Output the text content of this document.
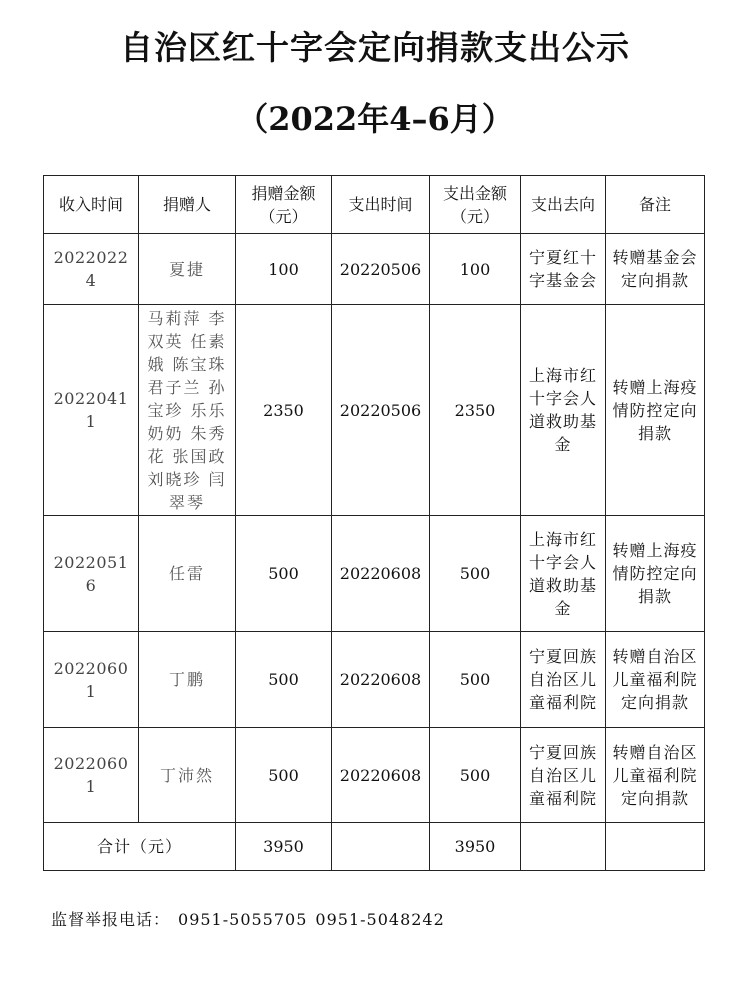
自治区红十字会定向捐款支出公示
（2022年4–6月）
收入时间	捐赠人	捐赠金额（元）	支出时间	支出金额（元）	支出去向	备注
20220224	夏捷	100	20220506	100	宁夏红十字基金会	转赠基金会定向捐款
20220411	马莉萍 李双英 任素娥 陈宝珠 君子兰 孙宝珍 乐乐奶奶 朱秀花 张国政 刘晓珍 闫翠琴	2350	20220506	2350	上海市红十字会人道救助基金	转赠上海疫情防控定向捐款
20220516	任雷	500	20220608	500	上海市红十字会人道救助基金	转赠上海疫情防控定向捐款
20220601	丁鹏	500	20220608	500	宁夏回族自治区儿童福利院	转赠自治区儿童福利院定向捐款
20220601	丁沛然	500	20220608	500	宁夏回族自治区儿童福利院	转赠自治区儿童福利院定向捐款
合计（元）		3950		3950		
监督举报电话： 0951-5055705 0951-5048242
